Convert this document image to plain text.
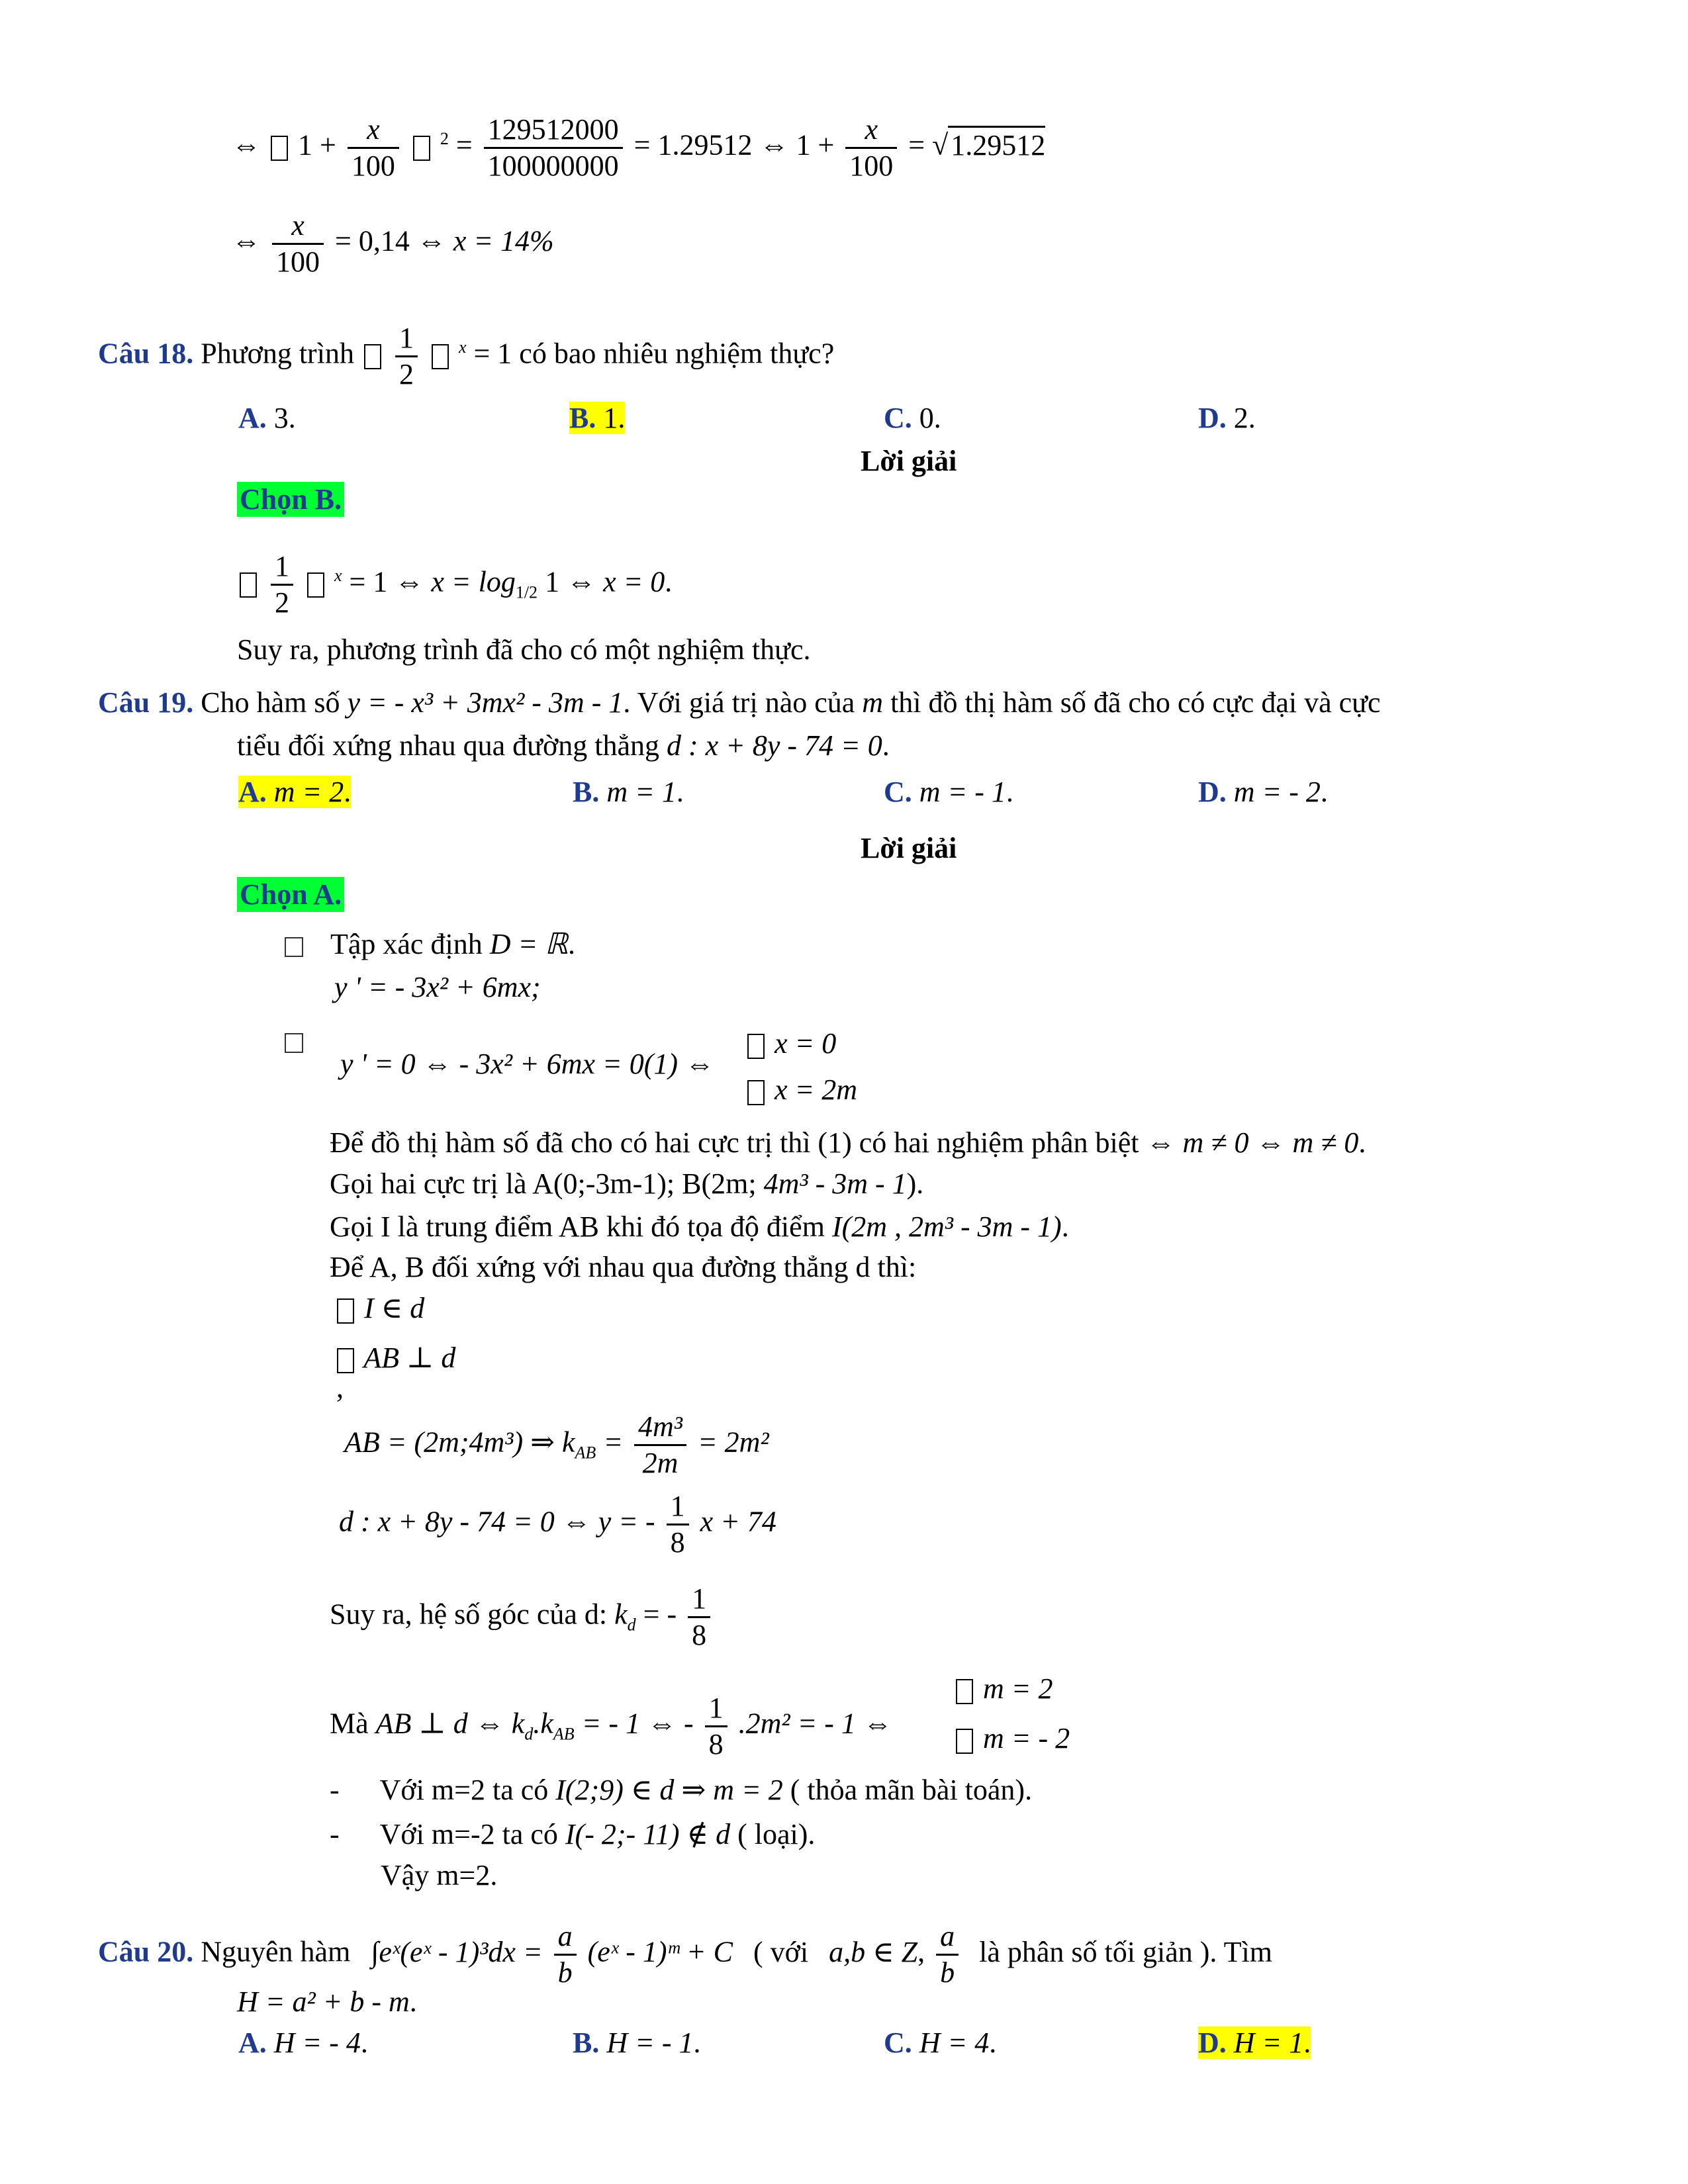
⇔ $1 + \frac{x}{100} ^2 = \frac{129512000}{100000000} = 1.29512$ ⇔ $1 + \frac{x}{100} = √1.29512$
⇔ $\frac{x}{100} = 0,14$ ⇔ x = 14%
Câu 18. Phương trình $\frac{1}{2} ^x = 1$ có bao nhiêu nghiệm thực?
A. 3.	B. 1.	C. 0.	D. 2.
Lời giải
Chọn B.

$\frac{1}{2} ^x = 1$ ⇔ $x = \log_{1/2} 1$ ⇔ x = 0.
Suy ra, phương trình đã cho có một nghiệm thực.
Câu 19. Cho hàm số y = - x³ + 3mx² - 3m - 1. Với giá trị nào của m thì đồ thị hàm số đã cho có cực đại và cực
tiểu đối xứng nhau qua đường thẳng d : x + 8y - 74 = 0.
A. m = 2.	B. m = 1.	C. m = - 1.	D. m = - 2.
Lời giải
Chọn A.
Tập xác định D = ℝ.
y ' = - 3x² + 6mx;
y ' = 0 ⇔ - 3x² + 6mx = 0(1) ⇔
x = 0
x = 2m
Để đồ thị hàm số đã cho có hai cực trị thì (1) có hai nghiệm phân biệt ⇔ m ≠ 0 ⇔ m ≠ 0.
Gọi hai cực trị là A(0;-3m-1); B(2m; 4m³ - 3m - 1).
Gọi I là trung điểm AB khi đó tọa độ điểm I(2m , 2m³ - 3m - 1).
Để A, B đối xứng với nhau qua đường thẳng d thì:
I ∈ d
AB ⊥ d
,
AB = (2m;4m³) ⇒ $k_{AB} = \frac{\text{4m³}}{2m} = 2m^2$
d : x + 8y - 74 = 0 ⇔ y = - $\frac{1}{8}$ x + 74
Suy ra, hệ số góc của d: $k_d$ = - $\frac{1}{8}$
Mà AB ⊥ d ⇔ $k_d.k_{AB}$ = - 1 ⇔ - $\frac{1}{8} .2m^2$ = - 1 ⇔
m = 2
m = - 2
- Với m=2 ta có I(2;9) ∈ d ⇒ m = 2 ( thỏa mãn bài toán).
- Với m=-2 ta có I(- 2;- 11) ∉ d ( loại).
Vậy m=2.
Câu 20. Nguyên hàm ∫eˣ(eˣ - $1)^3dx = \frac{a}{b}$ (eˣ - 1)ᵐ + C ( với a,b ∈ Z, $\frac{a}{b}$ là phân số tối giản ). Tìm
H = a² + b - m.
A. H = - 4.	B. H = - 1.	C. H = 4.	D. H = 1.
